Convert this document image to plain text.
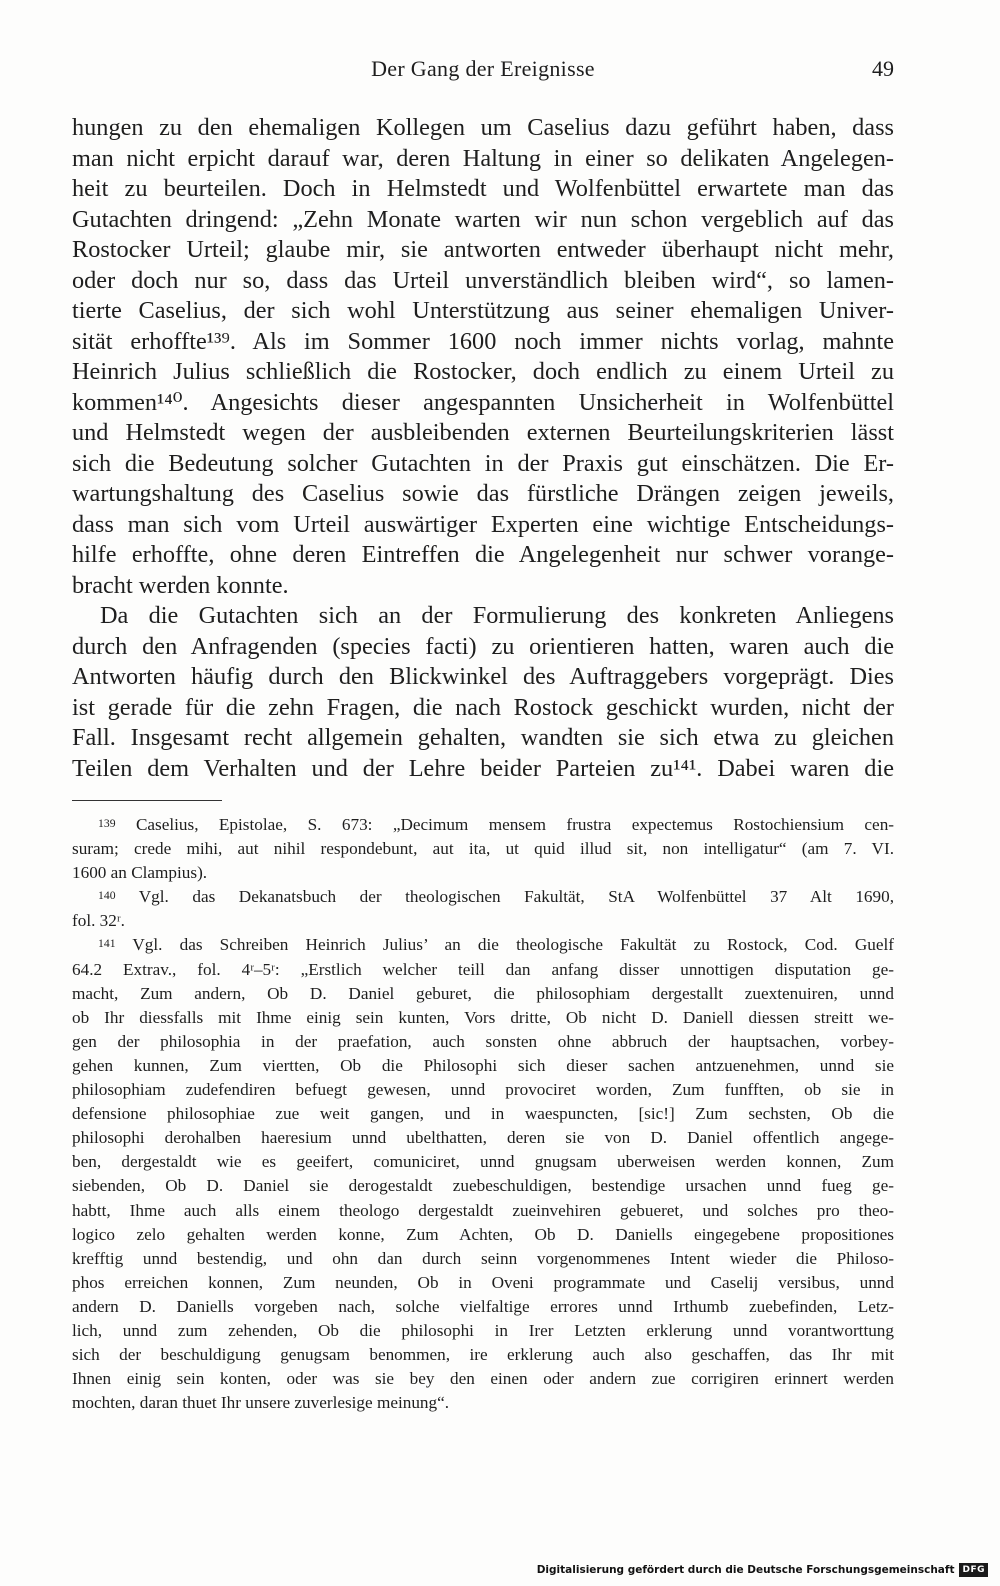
Der Gang der Ereignisse	49
hungen zu den ehemaligen Kollegen um Caselius dazu geführt haben, dass
man nicht erpicht darauf war, deren Haltung in einer so delikaten Angelegen-
heit zu beurteilen. Doch in Helmstedt und Wolfenbüttel erwartete man das
Gutachten dringend: „Zehn Monate warten wir nun schon vergeblich auf das
Rostocker Urteil; glaube mir, sie antworten entweder überhaupt nicht mehr,
oder doch nur so, dass das Urteil unverständlich bleiben wird“, so lamen-
tierte Caselius, der sich wohl Unterstützung aus seiner ehemaligen Univer-
sität erhoffte¹³⁹. Als im Sommer 1600 noch immer nichts vorlag, mahnte
Heinrich Julius schließlich die Rostocker, doch endlich zu einem Urteil zu
kommen¹⁴⁰. Angesichts dieser angespannten Unsicherheit in Wolfenbüttel
und Helmstedt wegen der ausbleibenden externen Beurteilungskriterien lässt
sich die Bedeutung solcher Gutachten in der Praxis gut einschätzen. Die Er-
wartungshaltung des Caselius sowie das fürstliche Drängen zeigen jeweils,
dass man sich vom Urteil auswärtiger Experten eine wichtige Entscheidungs-
hilfe erhoffte, ohne deren Eintreffen die Angelegenheit nur schwer vorange-
bracht werden konnte.
Da die Gutachten sich an der Formulierung des konkreten Anliegens
durch den Anfragenden (species facti) zu orientieren hatten, waren auch die
Antworten häufig durch den Blickwinkel des Auftraggebers vorgeprägt. Dies
ist gerade für die zehn Fragen, die nach Rostock geschickt wurden, nicht der
Fall. Insgesamt recht allgemein gehalten, wandten sie sich etwa zu gleichen
Teilen dem Verhalten und der Lehre beider Parteien zu¹⁴¹. Dabei waren die
$^{139}$ Caselius, Epistolae, S. 673: „Decimum mensem frustra expectemus Rostochiensium cen-
suram; crede mihi, aut nihil respondebunt, aut ita, ut quid illud sit, non intelligatur“ (am 7. VI.
1600 an Clampius).
$^{140}$ Vgl. das Dekanatsbuch der theologischen Fakultät, StA Wolfenbüttel 37 Alt 1690,
fol. 32ʳ.
$^{141}$ Vgl. das Schreiben Heinrich Julius’ an die theologische Fakultät zu Rostock, Cod. Guelf
64.2 Extrav., fol. 4ʳ–5ʳ: „Erstlich welcher teill dan anfang disser unnottigen disputation ge-
macht, Zum andern, Ob D. Daniel geburet, die philosophiam dergestallt zuextenuiren, unnd
ob Ihr diessfalls mit Ihme einig sein kunten, Vors dritte, Ob nicht D. Daniell diessen streitt we-
gen der philosophia in der praefation, auch sonsten ohne abbruch der hauptsachen, vorbey-
gehen kunnen, Zum viertten, Ob die Philosophi sich dieser sachen antzuenehmen, unnd sie
philosophiam zudefendiren befuegt gewesen, unnd provociret worden, Zum funfften, ob sie in
defensione philosophiae zue weit gangen, und in waespuncten, [sic!] Zum sechsten, Ob die
philosophi derohalben haeresium unnd ubelthatten, deren sie von D. Daniel offentlich angege-
ben, dergestaldt wie es geeifert, comuniciret, unnd gnugsam uberweisen werden konnen, Zum
siebenden, Ob D. Daniel sie derogestaldt zuebeschuldigen, bestendige ursachen unnd fueg ge-
habtt, Ihme auch alls einem theologo dergestaldt zueinvehiren gebueret, und solches pro theo-
logico zelo gehalten werden konne, Zum Achten, Ob D. Daniells eingegebene propositiones
krefftig unnd bestendig, und ohn dan durch seinn vorgenommenes Intent wieder die Philoso-
phos erreichen konnen, Zum neunden, Ob in Oveni programmate und Caselij versibus, unnd
andern D. Daniells vorgeben nach, solche vielfaltige errores unnd Irthumb zuebefinden, Letz-
lich, unnd zum zehenden, Ob die philosophi in Irer Letzten erklerung unnd vorantworttung
sich der beschuldigung genugsam benommen, ire erklerung auch also geschaffen, das Ihr mit
Ihnen einig sein konten, oder was sie bey den einen oder andern zue corrigiren erinnert werden
mochten, daran thuet Ihr unsere zuverlesige meinung“.
Digitalisierung gefördert durch die Deutsche Forschungsgemeinschaft DFG
